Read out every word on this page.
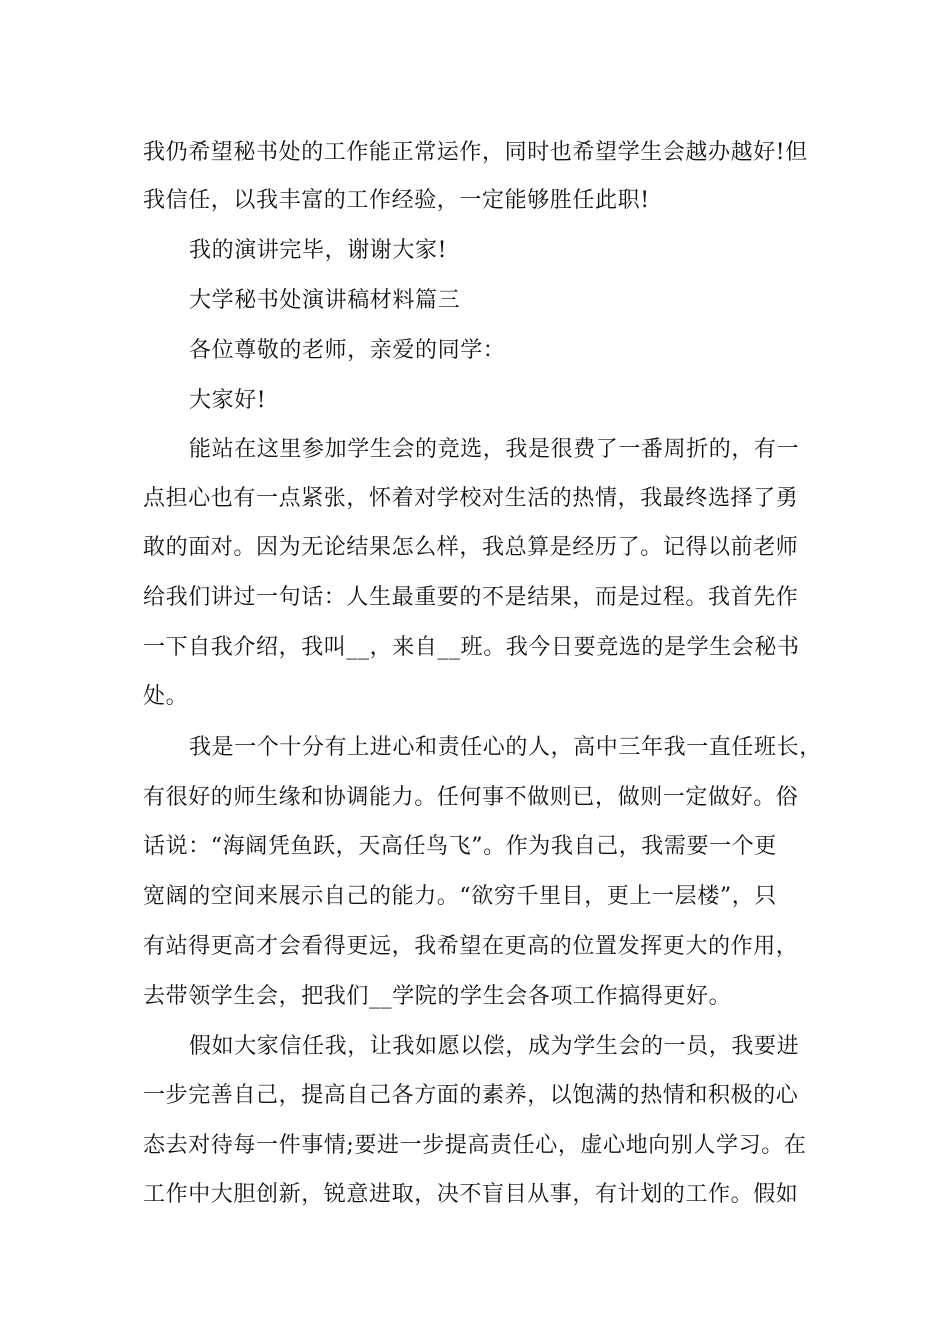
我仍希望秘书处的工作能正常运作，同时也希望学生会越办越好!但
我信任，以我丰富的工作经验，一定能够胜任此职!
我的演讲完毕，谢谢大家!
大学秘书处演讲稿材料篇三
各位尊敬的老师，亲爱的同学：
大家好!
能站在这里参加学生会的竞选，我是很费了一番周折的，有一
点担心也有一点紧张，怀着对学校对生活的热情，我最终选择了勇
敢的面对。因为无论结果怎么样，我总算是经历了。记得以前老师
给我们讲过一句话：人生最重要的不是结果，而是过程。我首先作
一下自我介绍，我叫__，来自__班。我今日要竞选的是学生会秘书
处。
我是一个十分有上进心和责任心的人，高中三年我一直任班长，
有很好的师生缘和协调能力。任何事不做则已，做则一定做好。俗
话说：“海阔凭鱼跃，天高任鸟飞”。作为我自己，我需要一个更
宽阔的空间来展示自己的能力。“欲穷千里目，更上一层楼”，只
有站得更高才会看得更远，我希望在更高的位置发挥更大的作用，
去带领学生会，把我们__学院的学生会各项工作搞得更好。
假如大家信任我，让我如愿以偿，成为学生会的一员，我要进
一步完善自己，提高自己各方面的素养，以饱满的热情和积极的心
态去对待每一件事情;要进一步提高责任心，虚心地向别人学习。在
工作中大胆创新，锐意进取，决不盲目从事，有计划的工作。假如
